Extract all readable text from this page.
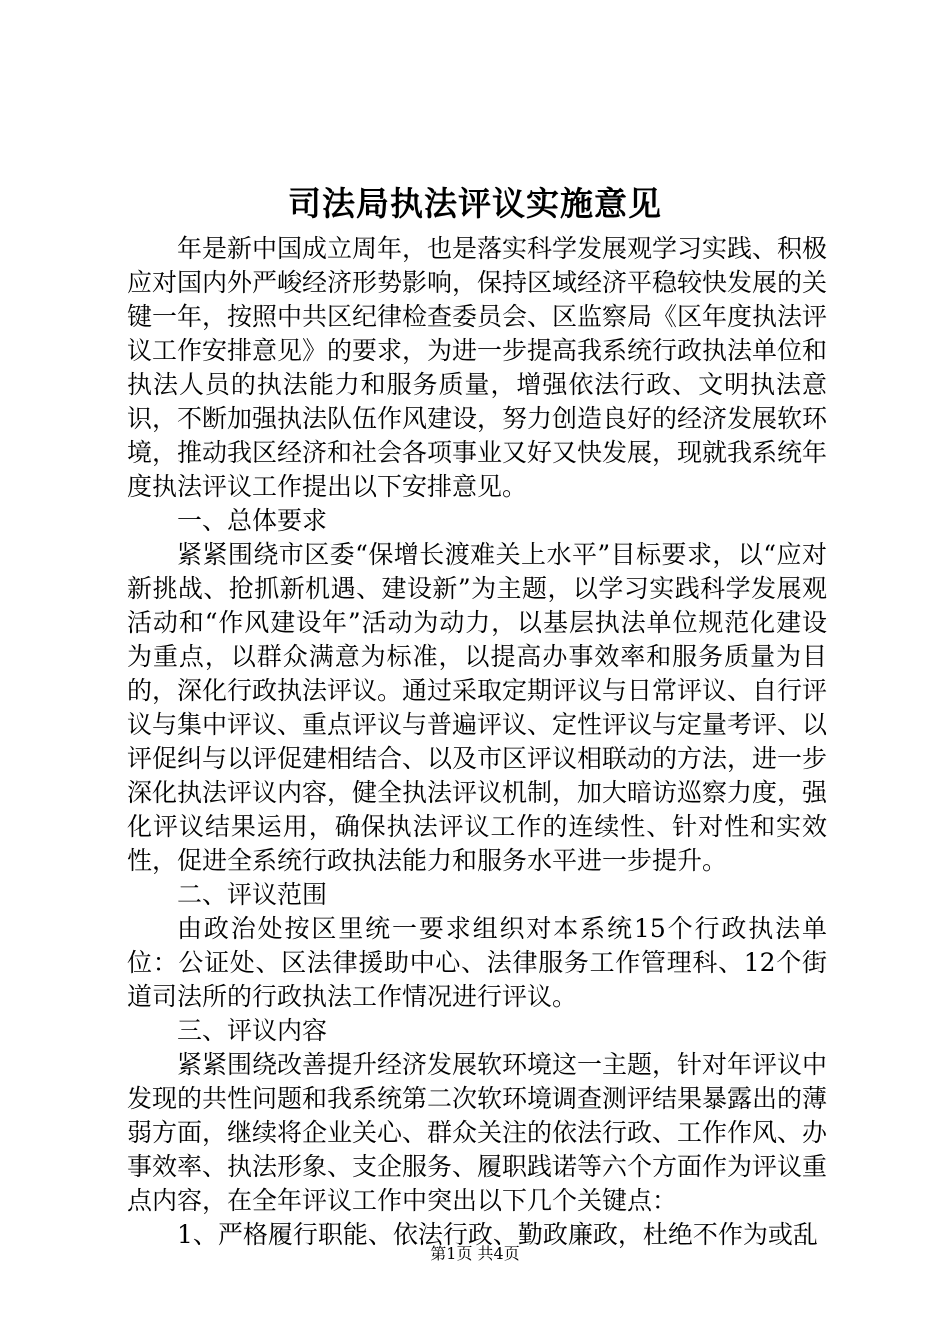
司法局执法评议实施意见

年是新中国成立周年，也是落实科学发展观学习实践、积极应对国内外严峻经济形势影响，保持区域经济平稳较快发展的关键一年，按照中共区纪律检查委员会、区监察局《区年度执法评议工作安排意见》的要求，为进一步提高我系统行政执法单位和执法人员的执法能力和服务质量，增强依法行政、文明执法意识，不断加强执法队伍作风建设，努力创造良好的经济发展软环境，推动我区经济和社会各项事业又好又快发展，现就我系统年度执法评议工作提出以下安排意见。

一、总体要求

紧紧围绕市区委“保增长渡难关上水平”目标要求，以“应对新挑战、抢抓新机遇、建设新”为主题，以学习实践科学发展观活动和“作风建设年”活动为动力，以基层执法单位规范化建设为重点，以群众满意为标准，以提高办事效率和服务质量为目的，深化行政执法评议。通过采取定期评议与日常评议、自行评议与集中评议、重点评议与普遍评议、定性评议与定量考评、以评促纠与以评促建相结合、以及市区评议相联动的方法，进一步深化执法评议内容，健全执法评议机制，加大暗访巡察力度，强化评议结果运用，确保执法评议工作的连续性、针对性和实效性，促进全系统行政执法能力和服务水平进一步提升。

二、评议范围

由政治处按区里统一要求组织对本系统15个行政执法单位：公证处、区法律援助中心、法律服务工作管理科、12个街道司法所的行政执法工作情况进行评议。

三、评议内容

紧紧围绕改善提升经济发展软环境这一主题，针对年评议中发现的共性问题和我系统第二次软环境调查测评结果暴露出的薄弱方面，继续将企业关心、群众关注的依法行政、工作作风、办事效率、执法形象、支企服务、履职践诺等六个方面作为评议重点内容，在全年评议工作中突出以下几个关键点：

1、严格履行职能、依法行政、勤政廉政，杜绝不作为或乱

第1页 共4页
